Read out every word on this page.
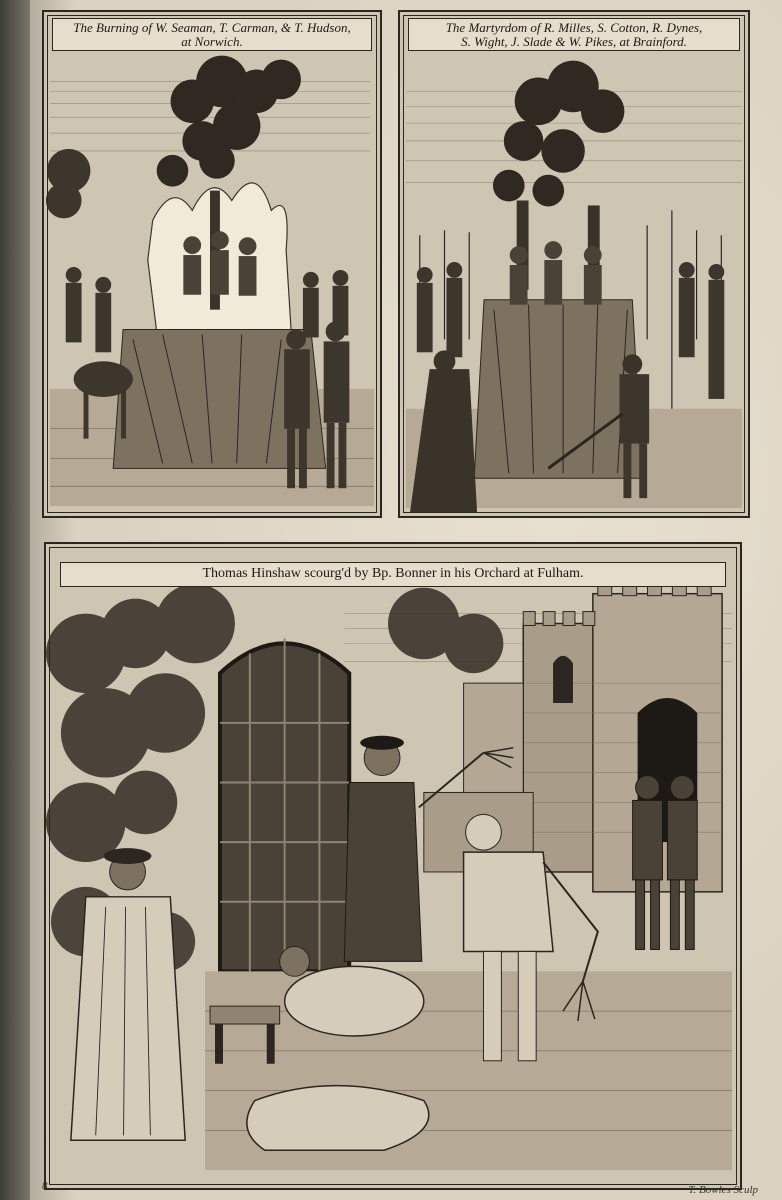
The Burning of W. Seaman, T. Carman, & T. Hudson,
at Norwich.
The Martyrdom of R. Milles, S. Cotton, R. Dynes,
S. Wight, J. Slade & W. Pikes, at Brainford.
Thomas Hinshaw scourg'd by Bp. Bonner in his Orchard at Fulham.
8	T. Bowles Sculp
